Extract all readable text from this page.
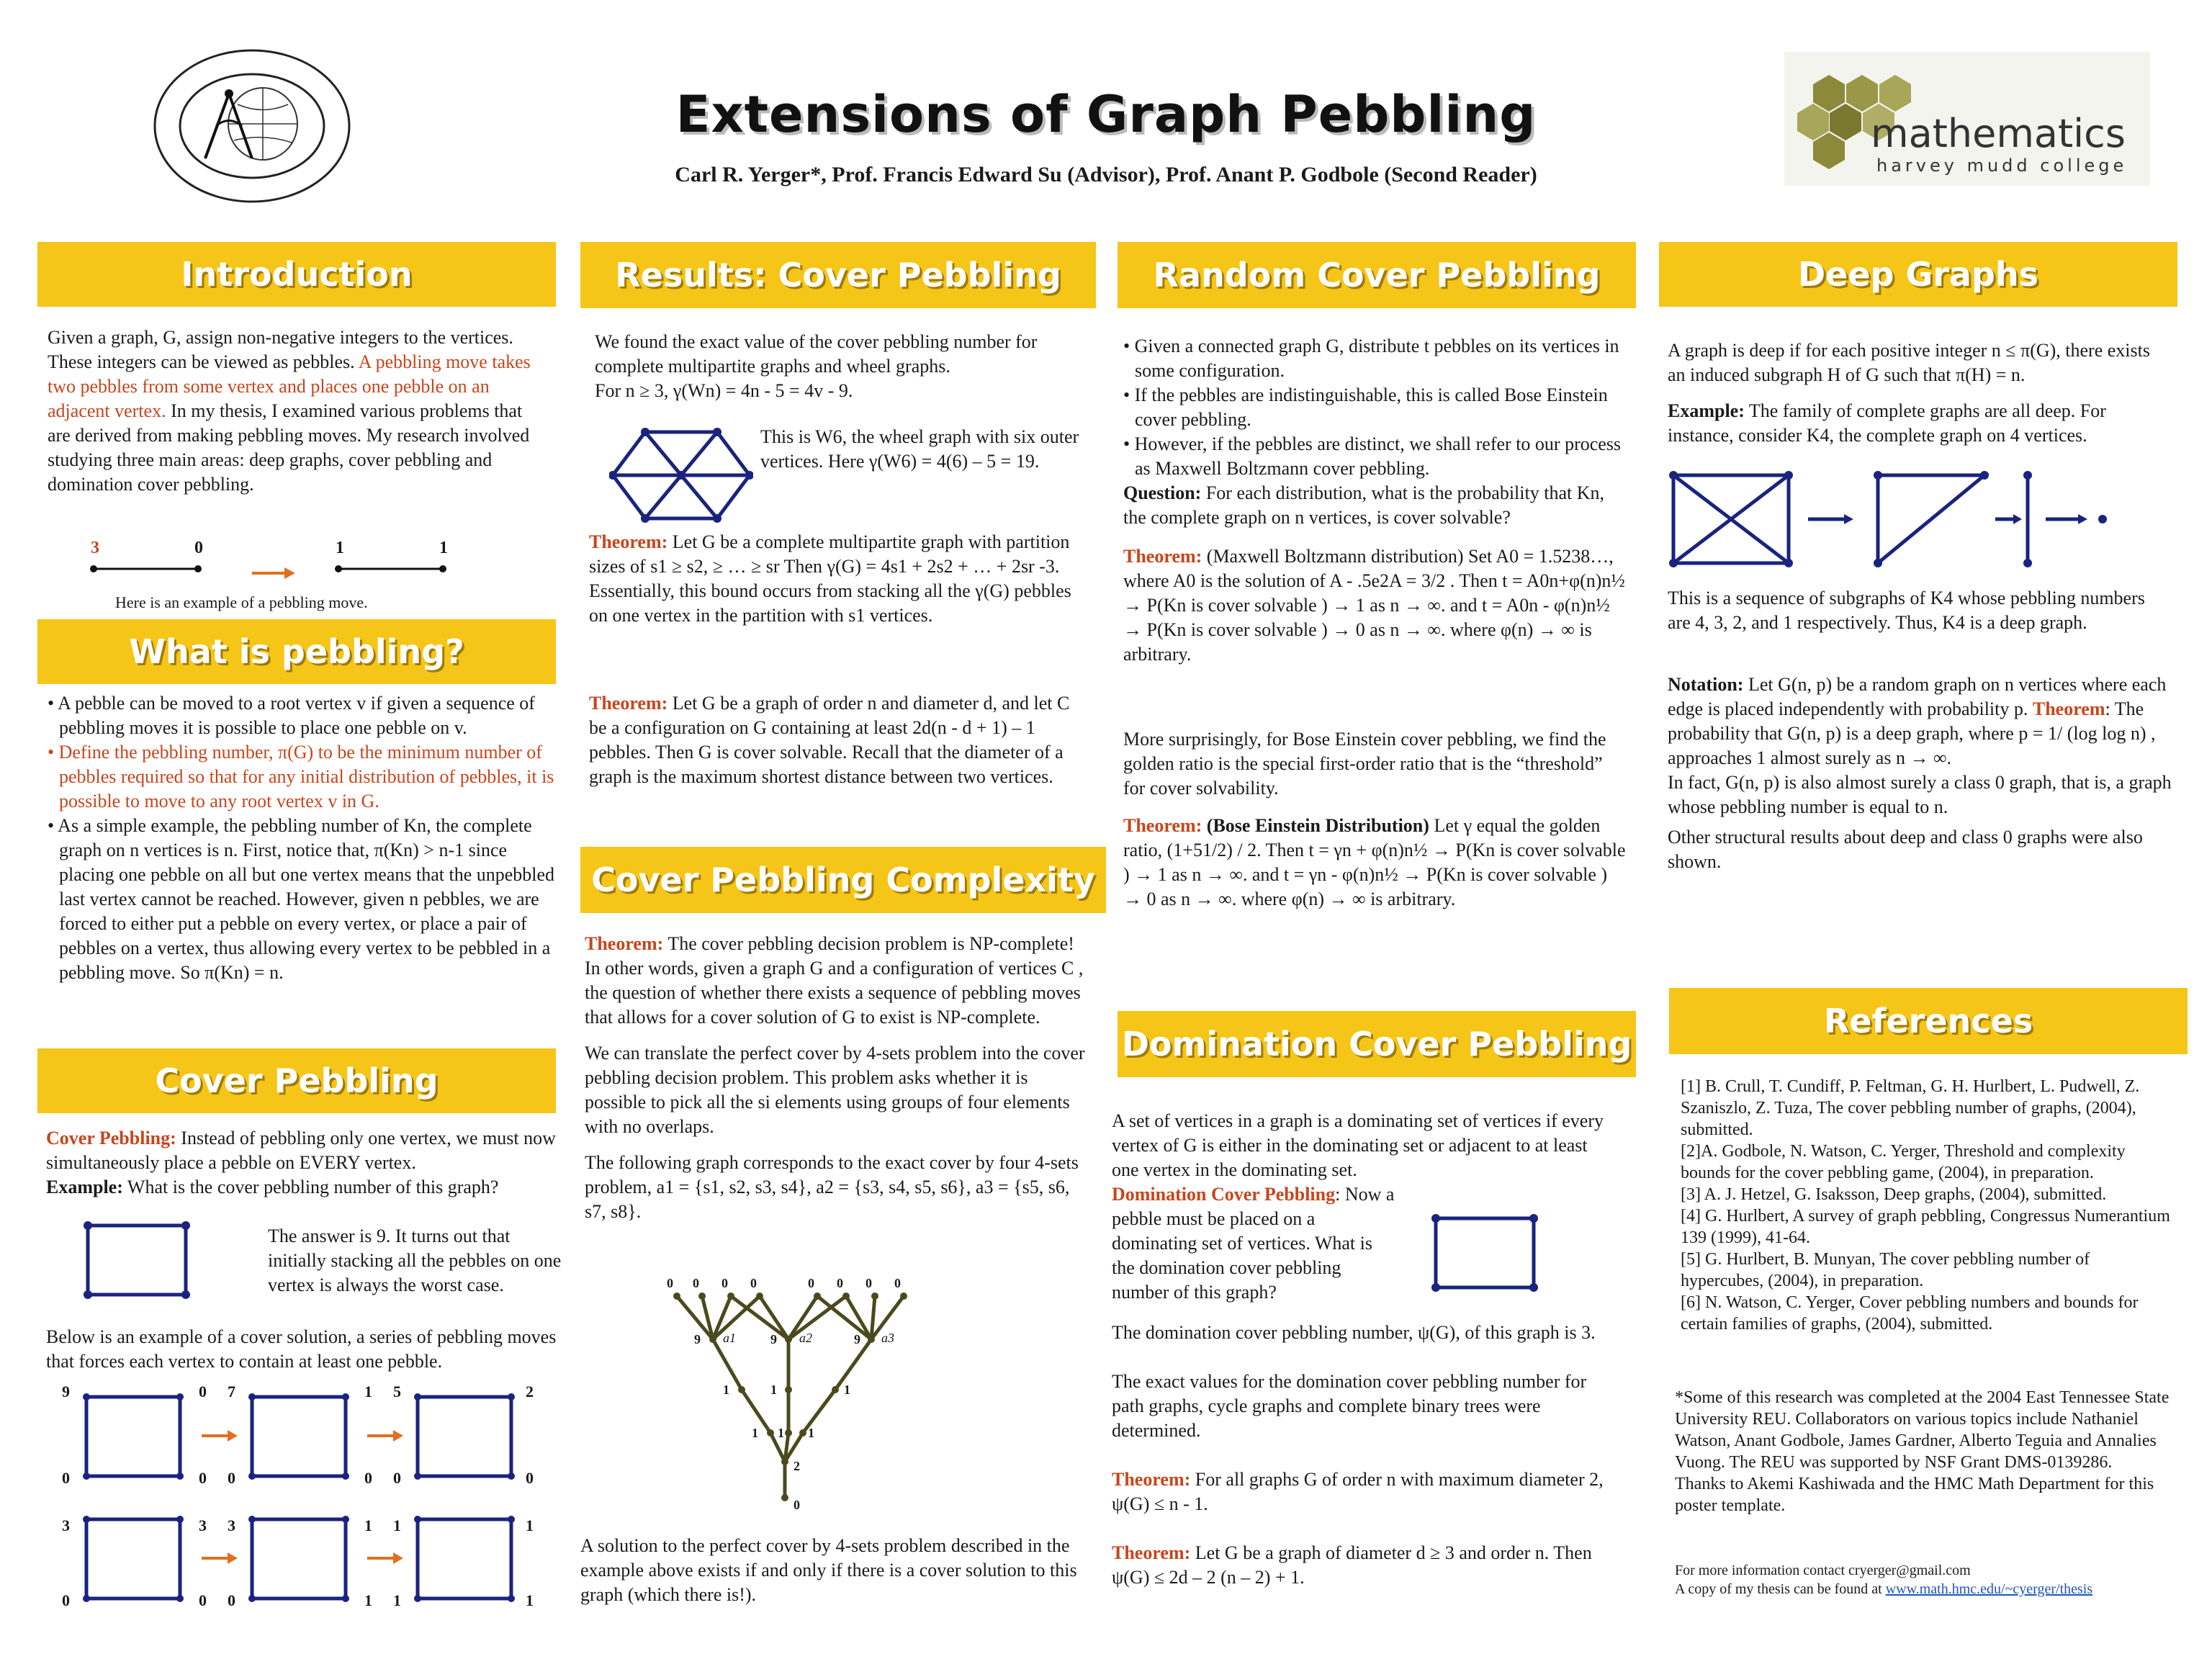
Extensions of Graph Pebbling
Carl R. Yerger*, Prof. Francis Edward Su (Advisor), Prof. Anant P. Godbole (Second Reader)
mathematics
harvey mudd college
Introduction
Given a graph, G, assign non-negative integers to the vertices. These integers can be viewed as pebbles. A pebbling move takes two pebbles from some vertex and places one pebble on an adjacent vertex. In my thesis, I examined various problems that are derived from making pebbling moves. My research involved studying three main areas: deep graphs, cover pebbling and domination cover pebbling.
3	0	1	1
Here is an example of a pebbling move.
What is pebbling?
• A pebble can be moved to a root vertex v if given a sequence of pebbling moves it is possible to place one pebble on v.
• Define the pebbling number, π(G) to be the minimum number of pebbles required so that for any initial distribution of pebbles, it is possible to move to any root vertex v in G.
• As a simple example, the pebbling number of Kn, the complete graph on n vertices is n. First, notice that, π(Kn) > n-1 since placing one pebble on all but one vertex means that the unpebbled last vertex cannot be reached. However, given n pebbles, we are forced to either put a pebble on every vertex, or place a pair of pebbles on a vertex, thus allowing every vertex to be pebbled in a pebbling move. So π(Kn) = n.
Cover Pebbling
Cover Pebbling: Instead of pebbling only one vertex, we must now simultaneously place a pebble on EVERY vertex.
Example: What is the cover pebbling number of this graph?
The answer is 9. It turns out that initially stacking all the pebbles on one vertex is always the worst case.
Below is an example of a cover solution, a series of pebbling moves that forces each vertex to contain at least one pebble.
9	0
0	0
7	1
0	0
5	2
0	0
3	3
0	0
3	1
0	1
1	1
1	1
Results: Cover Pebbling
We found the exact value of the cover pebbling number for complete multipartite graphs and wheel graphs.
For n ≥ 3, γ(Wn) = 4n - 5 = 4v - 9.
This is W6, the wheel graph with six outer vertices. Here γ(W6) = 4(6) – 5 = 19.
Theorem: Let G be a complete multipartite graph with partition sizes of s1 ≥ s2, ≥ … ≥ sr Then γ(G) = 4s1 + 2s2 + … + 2sr -3. Essentially, this bound occurs from stacking all the γ(G) pebbles on one vertex in the partition with s1 vertices.
Theorem: Let G be a graph of order n and diameter d, and let C be a configuration on G containing at least 2d(n - d + 1) – 1 pebbles. Then G is cover solvable. Recall that the diameter of a graph is the maximum shortest distance between two vertices.
Cover Pebbling Complexity

Theorem: The cover pebbling decision problem is NP-complete! In other words, given a graph G and a configuration of vertices C , the question of whether there exists a sequence of pebbling moves that allows for a cover solution of G to exist is NP-complete.

We can translate the perfect cover by 4-sets problem into the cover pebbling decision problem. This problem asks whether it is possible to pick all the si elements using groups of four elements with no overlaps.

The following graph corresponds to the exact cover by four 4-sets problem, a1 = {s1, s2, s3, s4}, a2 = {s3, s4, s5, s6}, a3 = {s5, s6, s7, s8}.

0 0 0 0	0 0 0 0
9	9	9
a1	a2	a3
1	1	1
1 1 1
2
0
A solution to the perfect cover by 4-sets problem described in the example above exists if and only if there is a cover solution to this graph (which there is!).
Random Cover Pebbling
• Given a connected graph G, distribute t pebbles on its vertices in some configuration.
• If the pebbles are indistinguishable, this is called Bose Einstein cover pebbling.
• However, if the pebbles are distinct, we shall refer to our process as Maxwell Boltzmann cover pebbling.
Question: For each distribution, what is the probability that Kn, the complete graph on n vertices, is cover solvable?
Theorem: (Maxwell Boltzmann distribution) Set A0 = 1.5238…, where A0 is the solution of A - .5e2A = 3/2 . Then t = A0n+φ(n)n½ → P(Kn is cover solvable ) → 1 as n → ∞. and t = A0n - φ(n)n½ → P(Kn is cover solvable ) → 0 as n → ∞. where φ(n) → ∞ is arbitrary.
More surprisingly, for Bose Einstein cover pebbling, we find the golden ratio is the special first-order ratio that is the “threshold” for cover solvability.
Theorem: (Bose Einstein Distribution) Let γ equal the golden ratio, (1+51/2) / 2. Then t = γn + φ(n)n½ → P(Kn is cover solvable ) → 1 as n → ∞. and t = γn - φ(n)n½ → P(Kn is cover solvable ) → 0 as n → ∞. where φ(n) → ∞ is arbitrary.
Domination Cover Pebbling
A set of vertices in a graph is a dominating set of vertices if every vertex of G is either in the dominating set or adjacent to at least one vertex in the dominating set.
Domination Cover Pebbling: Now a pebble must be placed on a dominating set of vertices. What is the domination cover pebbling number of this graph?

The domination cover pebbling number, ψ(G), of this graph is 3.

The exact values for the domination cover pebbling number for path graphs, cycle graphs and complete binary trees were determined.

Theorem: For all graphs G of order n with maximum diameter 2, ψ(G) ≤ n - 1.

Theorem: Let G be a graph of diameter d ≥ 3 and order n. Then ψ(G) ≤ 2d – 2 (n – 2) + 1.

Deep Graphs

A graph is deep if for each positive integer n ≤ π(G), there exists an induced subgraph H of G such that π(H) = n.

Example: The family of complete graphs are all deep. For instance, consider K4, the complete graph on 4 vertices.

This is a sequence of subgraphs of K4 whose pebbling numbers are 4, 3, 2, and 1 respectively. Thus, K4 is a deep graph.

Notation: Let G(n, p) be a random graph on n vertices where each edge is placed independently with probability p. Theorem: The probability that G(n, p) is a deep graph, where p = 1/ (log log n) , approaches 1 almost surely as n → ∞.
In fact, G(n, p) is also almost surely a class 0 graph, that is, a graph whose pebbling number is equal to n.

Other structural results about deep and class 0 graphs were also shown.

References

[1] B. Crull, T. Cundiff, P. Feltman, G. H. Hurlbert, L. Pudwell, Z. Szaniszlo, Z. Tuza, The cover pebbling number of graphs, (2004), submitted.

[2]A. Godbole, N. Watson, C. Yerger, Threshold and complexity bounds for the cover pebbling game, (2004), in preparation.

[3] A. J. Hetzel, G. Isaksson, Deep graphs, (2004), submitted.

[4] G. Hurlbert, A survey of graph pebbling, Congressus Numerantium 139 (1999), 41-64.

[5] G. Hurlbert, B. Munyan, The cover pebbling number of hypercubes, (2004), in preparation.

[6] N. Watson, C. Yerger, Cover pebbling numbers and bounds for certain families of graphs, (2004), submitted.

*Some of this research was completed at the 2004 East Tennessee State University REU. Collaborators on various topics include Nathaniel Watson, Anant Godbole, James Gardner, Alberto Teguia and Annalies Vuong. The REU was supported by NSF Grant DMS-0139286.

Thanks to Akemi Kashiwada and the HMC Math Department for this poster template.

For more information contact cryerger@gmail.com
A copy of my thesis can be found at www.math.hmc.edu/~cyerger/thesis
